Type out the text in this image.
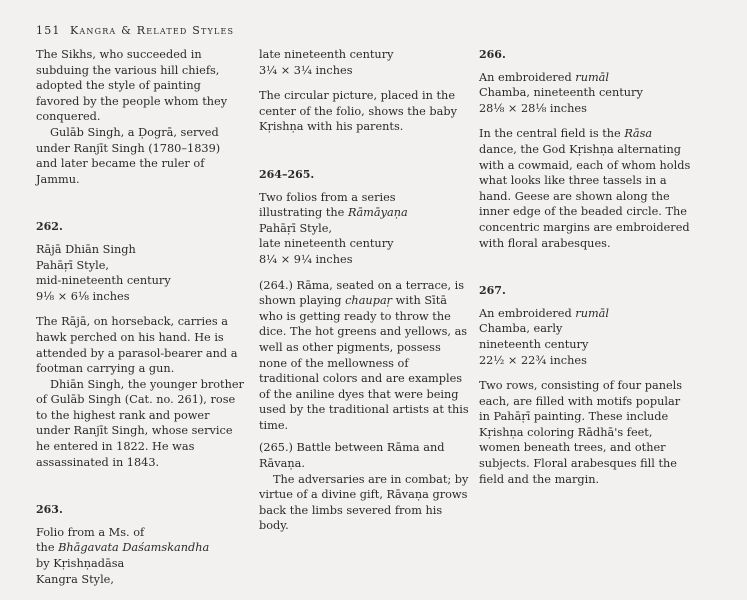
151 Kangra & Related Styles

The Sikhs, who succeeded in subduing the various hill chiefs, adopted the style of painting favored by the people whom they conquered.

Gulāb Singh, a Ḍogrā, served under Ranjīt Singh (1780–1839) and later became the ruler of Jammu.

262.

Rājā Dhiān Singh
Pahāṛī Style,
mid-nineteenth century
9⅛ × 6⅛ inches

The Rājā, on horseback, carries a hawk perched on his hand. He is attended by a parasol-bearer and a footman carrying a gun.

Dhiān Singh, the younger brother of Gulāb Singh (Cat. no. 261), rose to the highest rank and power under Ranjīt Singh, whose service he entered in 1822. He was assassinated in 1843.

263.

Folio from a Ms. of
the Bhāgavata Daśamskandha
by Kṛishṇadāsa
Kangra Style,
late nineteenth century
3¼ × 3¼ inches

The circular picture, placed in the center of the folio, shows the baby Kṛishṇa with his parents.

264–265.

Two folios from a series
illustrating the Rāmāyaṇa
Pahāṛī Style,
late nineteenth century
8¼ × 9¼ inches

(264.) Rāma, seated on a terrace, is shown playing chaupaṛ with Sītā who is getting ready to throw the dice. The hot greens and yellows, as well as other pigments, possess none of the mellowness of traditional colors and are examples of the aniline dyes that were being used by the traditional artists at this time.

(265.) Battle between Rāma and Rāvaṇa.

The adversaries are in combat; by virtue of a divine gift, Rāvaṇa grows back the limbs severed from his body.

266.

An embroidered rumāl
Chamba, nineteenth century
28⅛ × 28⅛ inches

In the central field is the Rāsa dance, the God Kṛishṇa alternating with a cowmaid, each of whom holds what looks like three tassels in a hand. Geese are shown along the inner edge of the beaded circle. The concentric margins are embroidered with floral arabesques.

267.

An embroidered rumāl
Chamba, early
nineteenth century
22½ × 22¾ inches

Two rows, consisting of four panels each, are filled with motifs popular in Pahāṛī painting. These include Kṛishṇa coloring Rādhā's feet, women beneath trees, and other subjects. Floral arabesques fill the field and the margin.
